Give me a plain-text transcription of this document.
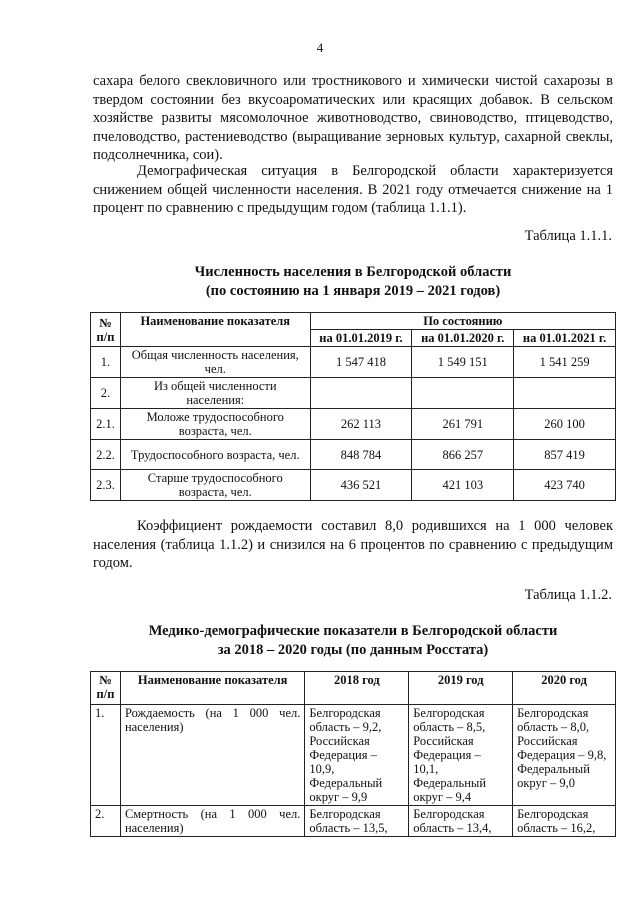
4
сахара белого свекловичного или тростникового и химически чистой сахарозы в твердом состоянии без вкусоароматических или красящих добавок. В сельском хозяйстве развиты мясомолочное животноводство, свиноводство, птицеводство, пчеловодство, растениеводство (выращивание зерновых культур, сахарной свеклы, подсолнечника, сои).
Демографическая ситуация в Белгородской области характеризуется снижением общей численности населения. В 2021 году отмечается снижение на 1 процент по сравнению с предыдущим годом (таблица 1.1.1).
Таблица 1.1.1.
Численность населения в Белгородской области
(по состоянию на 1 января 2019 – 2021 годов)
№ п/п	Наименование показателя	По состоянию		
		на 01.01.2019 г.	на 01.01.2020 г.	на 01.01.2021 г.
1.	Общая численность населения, чел.	1 547 418	1 549 151	1 541 259
2.	Из общей численности населения:			
2.1.	Моложе трудоспособного возраста, чел.	262 113	261 791	260 100
2.2.	Трудоспособного возраста, чел.	848 784	866 257	857 419
2.3.	Старше трудоспособного возраста, чел.	436 521	421 103	423 740
Коэффициент рождаемости составил 8,0 родившихся на 1 000 человек населения (таблица 1.1.2) и снизился на 6 процентов по сравнению с предыдущим годом.
Таблица 1.1.2.
Медико-демографические показатели в Белгородской области
за 2018 – 2020 годы (по данным Росстата)
№ п/п	Наименование показателя	2018 год	2019 год	2020 год
1.	Рождаемость (на 1 000 чел. населения)	Белгородская область – 9,2, Российская Федерация – 10,9, Федеральный округ – 9,9	Белгородская область – 8,5, Российская Федерация – 10,1, Федеральный округ – 9,4	Белгородская область – 8,0, Российская Федерация – 9,8, Федеральный округ – 9,0
2.	Смертность (на 1 000 чел. населения)	Белгородская область – 13,5,	Белгородская область – 13,4,	Белгородская область – 16,2,
